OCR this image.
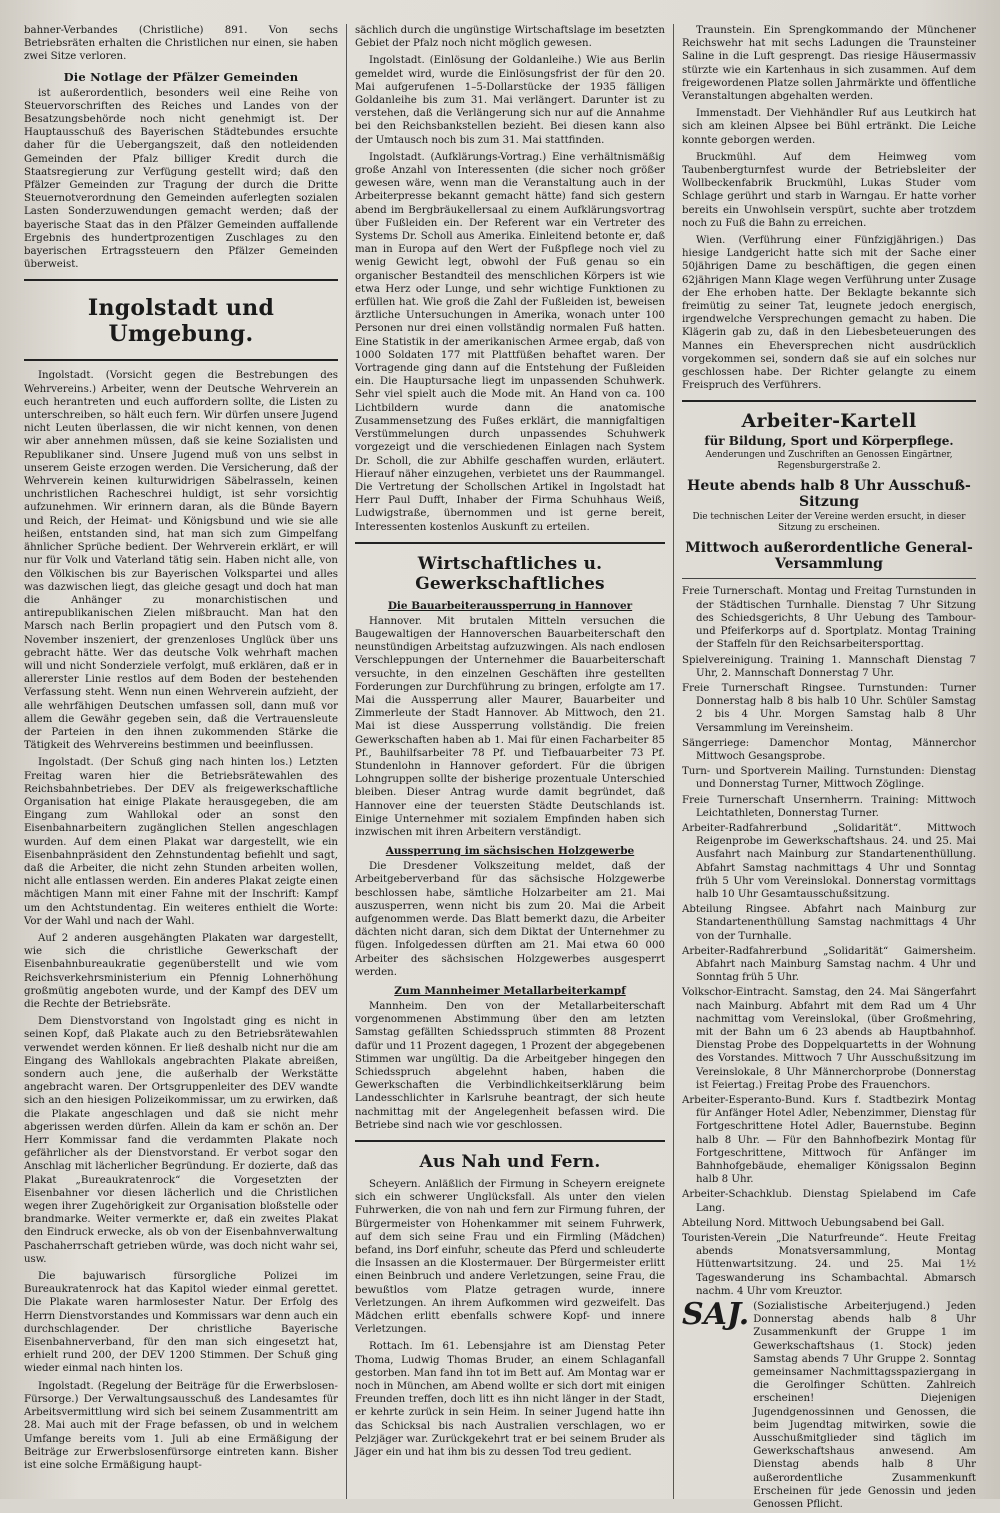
bahner-Verbandes (Christliche) 891. Von sechs Betriebsräten erhalten die Christlichen nur einen, sie haben zwei Sitze verloren.

Die Notlage der Pfälzer Gemeinden

ist außerordentlich, besonders weil eine Reihe von Steuervorschriften des Reiches und Landes von der Besatzungsbehörde noch nicht genehmigt ist. Der Hauptausschuß des Bayerischen Städtebundes ersuchte daher für die Uebergangszeit, daß den notleidenden Gemeinden der Pfalz billiger Kredit durch die Staatsregierung zur Verfügung gestellt wird; daß den Pfälzer Gemeinden zur Tragung der durch die Dritte Steuernotverordnung den Gemeinden auferlegten sozialen Lasten Sonderzuwendungen gemacht werden; daß der bayerische Staat das in den Pfälzer Gemeinden auffallende Ergebnis des hundertprozentigen Zuschlages zu den bayerischen Ertragssteuern den Pfälzer Gemeinden überweist.

Ingolstadt und Umgebung.

Ingolstadt. (Vorsicht gegen die Bestrebungen des Wehrvereins.) Arbeiter, wenn der Deutsche Wehrverein an euch herantreten und euch auffordern sollte, die Listen zu unterschreiben, so hält euch fern. Wir dürfen unsere Jugend nicht Leuten überlassen, die wir nicht kennen, von denen wir aber annehmen müssen, daß sie keine Sozialisten und Republikaner sind. Unsere Jugend muß von uns selbst in unserem Geiste erzogen werden. Die Versicherung, daß der Wehrverein keinen kulturwidrigen Säbelrasseln, keinen unchristlichen Racheschrei huldigt, ist sehr vorsichtig aufzunehmen. Wir erinnern daran, als die Bünde Bayern und Reich, der Heimat- und Königsbund und wie sie alle heißen, entstanden sind, hat man sich zum Gimpelfang ähnlicher Sprüche bedient. Der Wehrverein erklärt, er will nur für Volk und Vaterland tätig sein. Haben nicht alle, von den Völkischen bis zur Bayerischen Volkspartei und alles was dazwischen liegt, das gleiche gesagt und doch hat man die Anhänger zu monarchistischen und antirepublikanischen Zielen mißbraucht. Man hat den Marsch nach Berlin propagiert und den Putsch vom 8. November inszeniert, der grenzenloses Unglück über uns gebracht hätte. Wer das deutsche Volk wehrhaft machen will und nicht Sonderziele verfolgt, muß erklären, daß er in allererster Linie restlos auf dem Boden der bestehenden Verfassung steht. Wenn nun einen Wehrverein aufzieht, der alle wehrfähigen Deutschen umfassen soll, dann muß vor allem die Gewähr gegeben sein, daß die Vertrauensleute der Parteien in den ihnen zukommenden Stärke die Tätigkeit des Wehrvereins bestimmen und beeinflussen.

Ingolstadt. (Der Schuß ging nach hinten los.) Letzten Freitag waren hier die Betriebsrätewahlen des Reichsbahnbetriebes. Der DEV als freigewerkschaftliche Organisation hat einige Plakate herausgegeben, die am Eingang zum Wahllokal oder an sonst den Eisenbahnarbeitern zugänglichen Stellen angeschlagen wurden. Auf dem einen Plakat war dargestellt, wie ein Eisenbahnpräsident den Zehnstundentag befiehlt und sagt, daß die Arbeiter, die nicht zehn Stunden arbeiten wollen, nicht alle entlassen werden. Ein anderes Plakat zeigte einen mächtigen Mann mit einer Fahne mit der Inschrift: Kampf um den Achtstundentag. Ein weiteres enthielt die Worte: Vor der Wahl und nach der Wahl.

Auf 2 anderen ausgehängten Plakaten war dargestellt, wie sich die christliche Gewerkschaft der Eisenbahnbureaukratie gegenüberstellt und wie vom Reichsverkehrsministerium ein Pfennig Lohnerhöhung großmütig angeboten wurde, und der Kampf des DEV um die Rechte der Betriebsräte.

Dem Dienstvorstand von Ingolstadt ging es nicht in seinen Kopf, daß Plakate auch zu den Betriebsrätewahlen verwendet werden können. Er ließ deshalb nicht nur die am Eingang des Wahllokals angebrachten Plakate abreißen, sondern auch jene, die außerhalb der Werkstätte angebracht waren. Der Ortsgruppenleiter des DEV wandte sich an den hiesigen Polizeikommissar, um zu erwirken, daß die Plakate angeschlagen und daß sie nicht mehr abgerissen werden dürfen. Allein da kam er schön an. Der Herr Kommissar fand die verdammten Plakate noch gefährlicher als der Dienstvorstand. Er verbot sogar den Anschlag mit lächerlicher Begründung. Er dozierte, daß das Plakat „Bureaukratenrock“ die Vorgesetzten der Eisenbahner vor diesen lächerlich und die Christlichen wegen ihrer Zugehörigkeit zur Organisation bloßstelle oder brandmarke. Weiter vermerkte er, daß ein zweites Plakat den Eindruck erwecke, als ob von der Eisenbahnverwaltung Paschaherrschaft getrieben würde, was doch nicht wahr sei, usw.

Die bajuwarisch fürsorgliche Polizei im Bureaukratenrock hat das Kapitol wieder einmal gerettet. Die Plakate waren harmlosester Natur. Der Erfolg des Herrn Dienstvorstandes und Kommissars war denn auch ein durchschlagender. Der christliche Bayerische Eisenbahnerverband, für den man sich eingesetzt hat, erhielt rund 200, der DEV 1200 Stimmen. Der Schuß ging wieder einmal nach hinten los.

Ingolstadt. (Regelung der Beiträge für die Erwerbslosen-Fürsorge.) Der Verwaltungsausschuß des Landesamtes für Arbeitsvermittlung wird sich bei seinem Zusammentritt am 28. Mai auch mit der Frage befassen, ob und in welchem Umfange bereits vom 1. Juli ab eine Ermäßigung der Beiträge zur Erwerbslosenfürsorge eintreten kann. Bisher ist eine solche Ermäßigung haupt-

sächlich durch die ungünstige Wirtschaftslage im besetzten Gebiet der Pfalz noch nicht möglich gewesen.

Ingolstadt. (Einlösung der Goldanleihe.) Wie aus Berlin gemeldet wird, wurde die Einlösungsfrist der für den 20. Mai aufgerufenen 1–5-Dollarstücke der 1935 fälligen Goldanleihe bis zum 31. Mai verlängert. Darunter ist zu verstehen, daß die Verlängerung sich nur auf die Annahme bei den Reichsbankstellen bezieht. Bei diesen kann also der Umtausch noch bis zum 31. Mai stattfinden.

Ingolstadt. (Aufklärungs-Vortrag.) Eine verhältnismäßig große Anzahl von Interessenten (die sicher noch größer gewesen wäre, wenn man die Veranstaltung auch in der Arbeiterpresse bekannt gemacht hätte) fand sich gestern abend im Bergbräukellersaal zu einem Aufklärungsvortrag über Fußleiden ein. Der Referent war ein Vertreter des Systems Dr. Scholl aus Amerika. Einleitend betonte er, daß man in Europa auf den Wert der Fußpflege noch viel zu wenig Gewicht legt, obwohl der Fuß genau so ein organischer Bestandteil des menschlichen Körpers ist wie etwa Herz oder Lunge, und sehr wichtige Funktionen zu erfüllen hat. Wie groß die Zahl der Fußleiden ist, beweisen ärztliche Untersuchungen in Amerika, wonach unter 100 Personen nur drei einen vollständig normalen Fuß hatten. Eine Statistik in der amerikanischen Armee ergab, daß von 1000 Soldaten 177 mit Plattfüßen behaftet waren. Der Vortragende ging dann auf die Entstehung der Fußleiden ein. Die Hauptursache liegt im unpassenden Schuhwerk. Sehr viel spielt auch die Mode mit. An Hand von ca. 100 Lichtbildern wurde dann die anatomische Zusammensetzung des Fußes erklärt, die mannigfaltigen Verstümmelungen durch unpassendes Schuhwerk vorgezeigt und die verschiedenen Einlagen nach System Dr. Scholl, die zur Abhilfe geschaffen wurden, erläutert. Hierauf näher einzugehen, verbietet uns der Raummangel. Die Vertretung der Schollschen Artikel in Ingolstadt hat Herr Paul Dufft, Inhaber der Firma Schuhhaus Weiß, Ludwigstraße, übernommen und ist gerne bereit, Interessenten kostenlos Auskunft zu erteilen.

Wirtschaftliches u. Gewerkschaftliches
Die Bauarbeiteraussperrung in Hannover

Hannover. Mit brutalen Mitteln versuchen die Baugewaltigen der Hannoverschen Bauarbeiterschaft den neunstündigen Arbeitstag aufzuzwingen. Als nach endlosen Verschleppungen der Unternehmer die Bauarbeiterschaft versuchte, in den einzelnen Geschäften ihre gestellten Forderungen zur Durchführung zu bringen, erfolgte am 17. Mai die Aussperrung aller Maurer, Bauarbeiter und Zimmerleute der Stadt Hannover. Ab Mittwoch, den 21. Mai ist diese Aussperrung vollständig. Die freien Gewerkschaften haben ab 1. Mai für einen Facharbeiter 85 Pf., Bauhilfsarbeiter 78 Pf. und Tiefbauarbeiter 73 Pf. Stundenlohn in Hannover gefordert. Für die übrigen Lohngruppen sollte der bisherige prozentuale Unterschied bleiben. Dieser Antrag wurde damit begründet, daß Hannover eine der teuersten Städte Deutschlands ist. Einige Unternehmer mit sozialem Empfinden haben sich inzwischen mit ihren Arbeitern verständigt.

Aussperrung im sächsischen Holzgewerbe

Die Dresdener Volkszeitung meldet, daß der Arbeitgeberverband für das sächsische Holzgewerbe beschlossen habe, sämtliche Holzarbeiter am 21. Mai auszusperren, wenn nicht bis zum 20. Mai die Arbeit aufgenommen werde. Das Blatt bemerkt dazu, die Arbeiter dächten nicht daran, sich dem Diktat der Unternehmer zu fügen. Infolgedessen dürften am 21. Mai etwa 60 000 Arbeiter des sächsischen Holzgewerbes ausgesperrt werden.

Zum Mannheimer Metallarbeiterkampf

Mannheim. Den von der Metallarbeiterschaft vorgenommenen Abstimmung über den am letzten Samstag gefällten Schiedsspruch stimmten 88 Prozent dafür und 11 Prozent dagegen, 1 Prozent der abgegebenen Stimmen war ungültig. Da die Arbeitgeber hingegen den Schiedsspruch abgelehnt haben, haben die Gewerkschaften die Verbindlichkeitserklärung beim Landesschlichter in Karlsruhe beantragt, der sich heute nachmittag mit der Angelegenheit befassen wird. Die Betriebe sind nach wie vor geschlossen.

Aus Nah und Fern.

Scheyern. Anläßlich der Firmung in Scheyern ereignete sich ein schwerer Unglücksfall. Als unter den vielen Fuhrwerken, die von nah und fern zur Firmung fuhren, der Bürgermeister von Hohenkammer mit seinem Fuhrwerk, auf dem sich seine Frau und ein Firmling (Mädchen) befand, ins Dorf einfuhr, scheute das Pferd und schleuderte die Insassen an die Klostermauer. Der Bürgermeister erlitt einen Beinbruch und andere Verletzungen, seine Frau, die bewußtlos vom Platze getragen wurde, innere Verletzungen. An ihrem Aufkommen wird gezweifelt. Das Mädchen erlitt ebenfalls schwere Kopf- und innere Verletzungen.

Rottach. Im 61. Lebensjahre ist am Dienstag Peter Thoma, Ludwig Thomas Bruder, an einem Schlaganfall gestorben. Man fand ihn tot im Bett auf. Am Montag war er noch in München, am Abend wollte er sich dort mit einigen Freunden treffen, doch litt es ihn nicht länger in der Stadt, er kehrte zurück in sein Heim. In seiner Jugend hatte ihn das Schicksal bis nach Australien verschlagen, wo er Pelzjäger war. Zurückgekehrt trat er bei seinem Bruder als Jäger ein und hat ihm bis zu dessen Tod treu gedient.

Traunstein. Ein Sprengkommando der Münchener Reichswehr hat mit sechs Ladungen die Traunsteiner Saline in die Luft gesprengt. Das riesige Häusermassiv stürzte wie ein Kartenhaus in sich zusammen. Auf dem freigewordenen Platze sollen Jahrmärkte und öffentliche Veranstaltungen abgehalten werden.

Immenstadt. Der Viehhändler Ruf aus Leutkirch hat sich am kleinen Alpsee bei Bühl ertränkt. Die Leiche konnte geborgen werden.

Bruckmühl. Auf dem Heimweg vom Taubenbergturnfest wurde der Betriebsleiter der Wollbeckenfabrik Bruckmühl, Lukas Studer vom Schlage gerührt und starb in Warngau. Er hatte vorher bereits ein Unwohlsein verspürt, suchte aber trotzdem noch zu Fuß die Bahn zu erreichen.

Wien. (Verführung einer Fünfzigjährigen.) Das hiesige Landgericht hatte sich mit der Sache einer 50jährigen Dame zu beschäftigen, die gegen einen 62jährigen Mann Klage wegen Verführung unter Zusage der Ehe erhoben hatte. Der Beklagte bekannte sich freimütig zu seiner Tat, leugnete jedoch energisch, irgendwelche Versprechungen gemacht zu haben. Die Klägerin gab zu, daß in den Liebesbeteuerungen des Mannes ein Eheversprechen nicht ausdrücklich vorgekommen sei, sondern daß sie auf ein solches nur geschlossen habe. Der Richter gelangte zu einem Freispruch des Verführers.

Arbeiter-Kartell
für Bildung, Sport und Körperpflege.
Aenderungen und Zuschriften an Genossen Eingärtner, Regensburgerstraße 2.
Heute abends halb 8 Uhr Ausschuß-Sitzung
Die technischen Leiter der Vereine werden ersucht, in dieser Sitzung zu erscheinen.
Mittwoch außerordentliche General-Versammlung
Freie Turnerschaft. Montag und Freitag Turnstunden in der Städtischen Turnhalle. Dienstag 7 Uhr Sitzung des Schiedsgerichts, 8 Uhr Uebung des Tambour- und Pfeiferkorps auf d. Sportplatz. Montag Training der Staffeln für den Reichsarbeitersporttag.
Spielvereinigung. Training 1. Mannschaft Dienstag 7 Uhr, 2. Mannschaft Donnerstag 7 Uhr.
Freie Turnerschaft Ringsee. Turnstunden: Turner Donnerstag halb 8 bis halb 10 Uhr. Schüler Samstag 2 bis 4 Uhr. Morgen Samstag halb 8 Uhr Versammlung im Vereinsheim.
Sängerriege: Damenchor Montag, Männerchor Mittwoch Gesangsprobe.
Turn- und Sportverein Mailing. Turnstunden: Dienstag und Donnerstag Turner, Mittwoch Zöglinge.
Freie Turnerschaft Unsernherrn. Training: Mittwoch Leichtathleten, Donnerstag Turner.
Arbeiter-Radfahrerbund „Solidarität“. Mittwoch Reigenprobe im Gewerkschaftshaus. 24. und 25. Mai Ausfahrt nach Mainburg zur Standartenenthüllung. Abfahrt Samstag nachmittags 4 Uhr und Sonntag früh 5 Uhr vom Vereinslokal. Donnerstag vormittags halb 10 Uhr Gesamtausschußsitzung.
Abteilung Ringsee. Abfahrt nach Mainburg zur Standartenenthüllung Samstag nachmittags 4 Uhr von der Turnhalle.
Arbeiter-Radfahrerbund „Solidarität“ Gaimersheim. Abfahrt nach Mainburg Samstag nachm. 4 Uhr und Sonntag früh 5 Uhr.
Volkschor-Eintracht. Samstag, den 24. Mai Sängerfahrt nach Mainburg. Abfahrt mit dem Rad um 4 Uhr nachmittag vom Vereinslokal, (über Großmehring, mit der Bahn um 6 23 abends ab Hauptbahnhof. Dienstag Probe des Doppelquartetts in der Wohnung des Vorstandes. Mittwoch 7 Uhr Ausschußsitzung im Vereinslokale, 8 Uhr Männerchorprobe (Donnerstag ist Feiertag.) Freitag Probe des Frauenchors.
Arbeiter-Esperanto-Bund. Kurs f. Stadtbezirk Montag für Anfänger Hotel Adler, Nebenzimmer, Dienstag für Fortgeschrittene Hotel Adler, Bauernstube. Beginn halb 8 Uhr. — Für den Bahnhofbezirk Montag für Fortgeschrittene, Mittwoch für Anfänger im Bahnhofgebäude, ehemaliger Königssalon Beginn halb 8 Uhr.
Arbeiter-Schachklub. Dienstag Spielabend im Cafe Lang.
Abteilung Nord. Mittwoch Uebungsabend bei Gall.
Touristen-Verein „Die Naturfreunde“. Heute Freitag abends Monatsversammlung, Montag Hüttenwartsitzung. 24. und 25. Mai 1½ Tageswanderung ins Schambachtal. Abmarsch nachm. 4 Uhr vom Kreuztor.
SAJ. (Sozialistische Arbeiterjugend.) Jeden Donnerstag abends halb 8 Uhr Zusammenkunft der Gruppe 1 im Gewerkschaftshaus (1. Stock) jeden Samstag abends 7 Uhr Gruppe 2. Sonntag gemeinsamer Nachmittagsspaziergang in die Gerolfinger Schütten. Zahlreich erscheinen! Diejenigen Jugendgenossinnen und Genossen, die beim Jugendtag mitwirken, sowie die Ausschußmitglieder sind täglich im Gewerkschaftshaus anwesend. Am Dienstag abends halb 8 Uhr außerordentliche Zusammenkunft Erscheinen für jede Genossin und jeden Genossen Pflicht.
